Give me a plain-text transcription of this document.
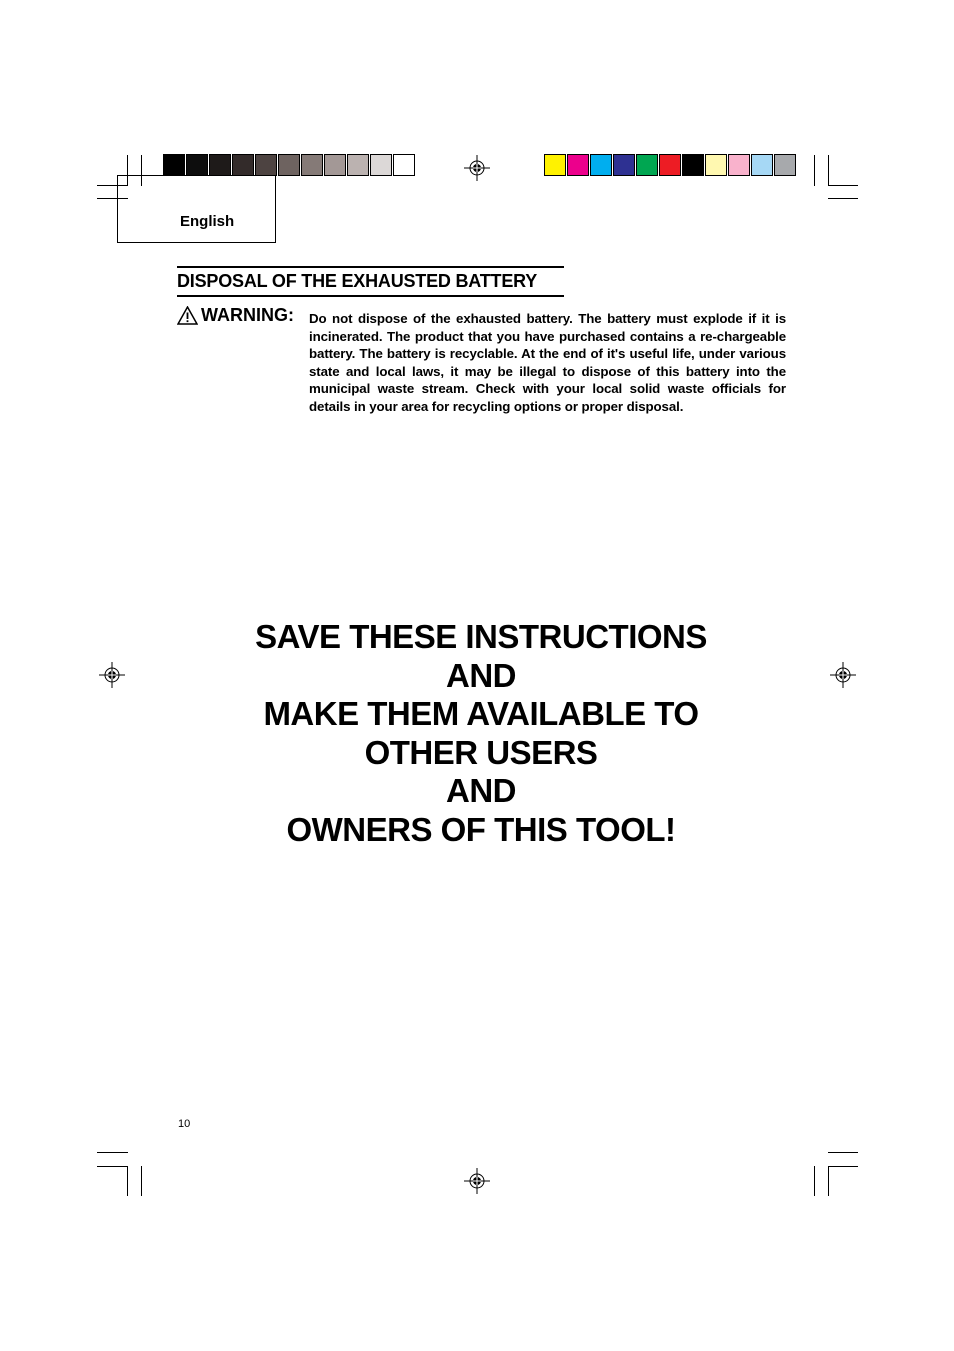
English
DISPOSAL OF THE EXHAUSTED BATTERY
WARNING: Do not dispose of the exhausted battery. The battery must explode if it is incinerated. The product that you have purchased contains a re-chargeable battery. The battery is recyclable. At the end of it's useful life, under various state and local laws, it may be illegal to dispose of this battery into the municipal waste stream. Check with your local solid waste officials for details in your area for recycling options or proper disposal.
SAVE THESE INSTRUCTIONS
AND
MAKE THEM AVAILABLE TO
OTHER USERS
AND
OWNERS OF THIS TOOL!
10
